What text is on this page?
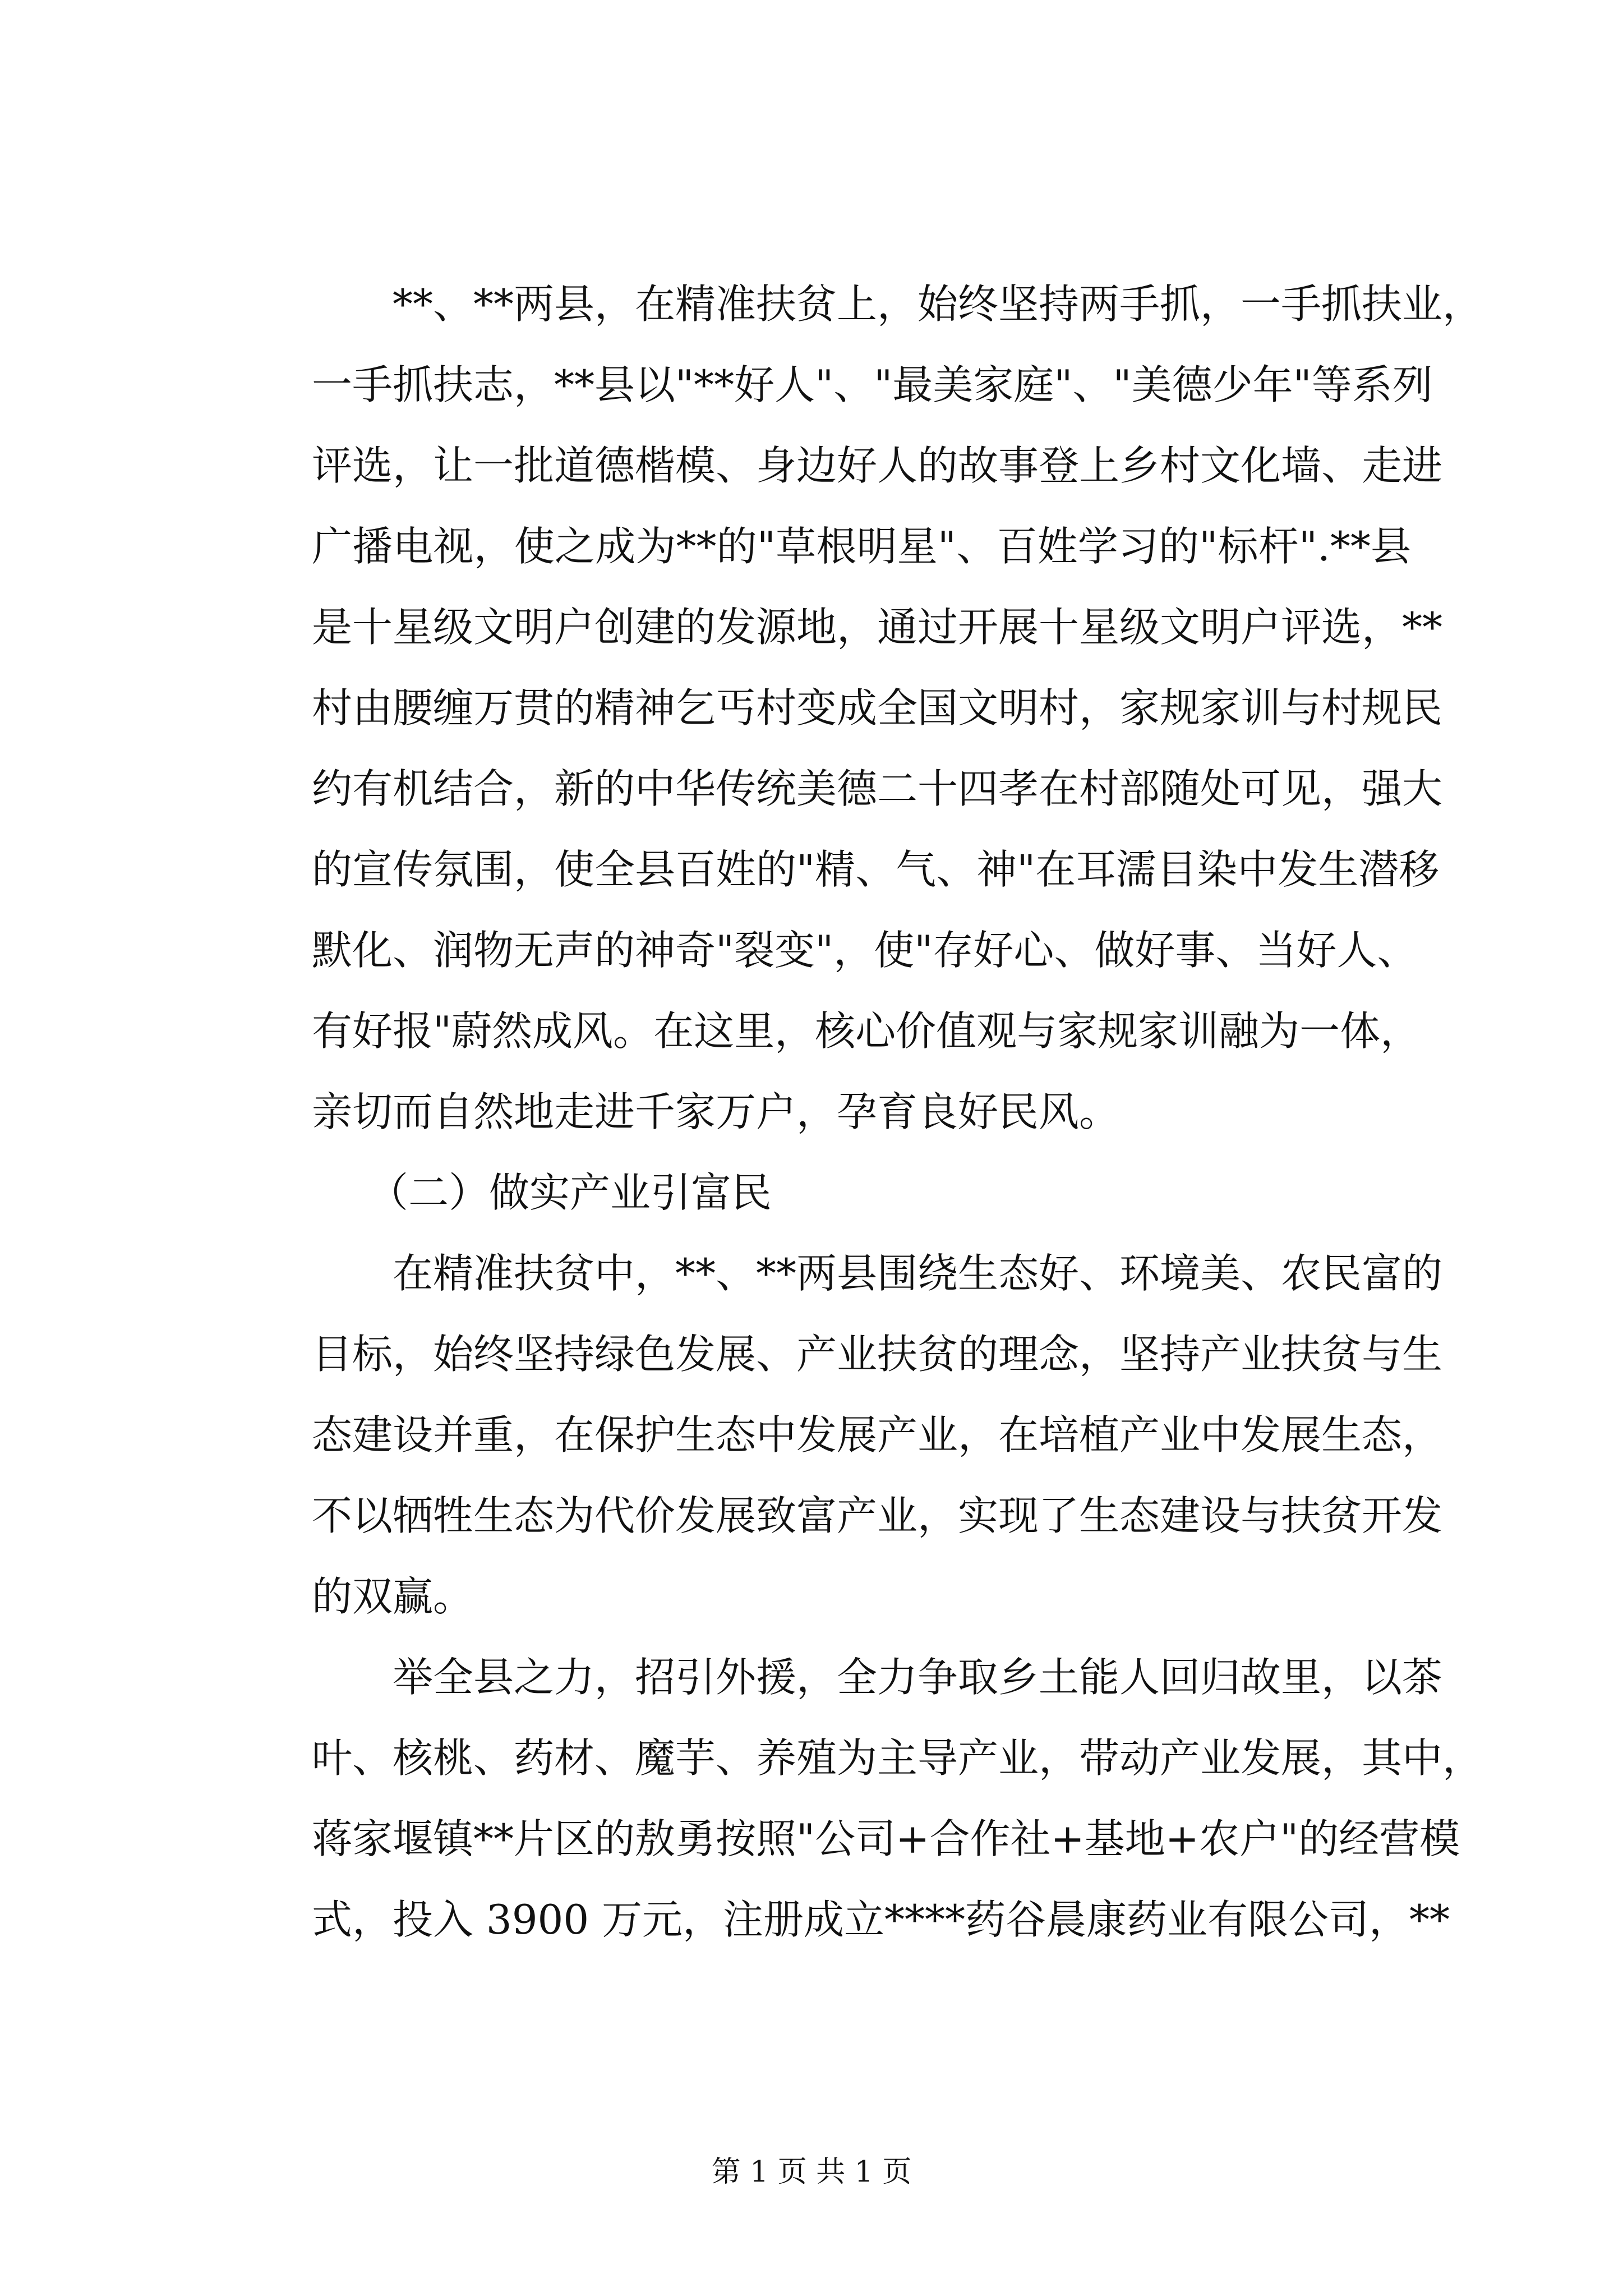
**、**两县，在精准扶贫上，始终坚持两手抓，一手抓扶业，
一手抓扶志，**县以"**好人"、"最美家庭"、"美德少年"等系列
评选，让一批道德楷模、身边好人的故事登上乡村文化墙、走进
广播电视，使之成为**的"草根明星"、百姓学习的"标杆".**县
是十星级文明户创建的发源地，通过开展十星级文明户评选，**
村由腰缠万贯的精神乞丐村变成全国文明村，家规家训与村规民
约有机结合，新的中华传统美德二十四孝在村部随处可见，强大
的宣传氛围，使全县百姓的"精、气、神"在耳濡目染中发生潜移
默化、润物无声的神奇"裂变"，使"存好心、做好事、当好人、
有好报"蔚然成风。在这里，核心价值观与家规家训融为一体，
亲切而自然地走进千家万户，孕育良好民风。
（二）做实产业引富民
在精准扶贫中，**、**两县围绕生态好、环境美、农民富的
目标，始终坚持绿色发展、产业扶贫的理念，坚持产业扶贫与生
态建设并重，在保护生态中发展产业，在培植产业中发展生态，
不以牺牲生态为代价发展致富产业，实现了生态建设与扶贫开发
的双赢。
举全县之力，招引外援，全力争取乡土能人回归故里，以茶
叶、核桃、药材、魔芋、养殖为主导产业，带动产业发展，其中，
蒋家堰镇**片区的敖勇按照"公司+合作社+基地+农户"的经营模
式，投入 3900 万元，注册成立****药谷晨康药业有限公司，**
第 1 页 共 1 页
